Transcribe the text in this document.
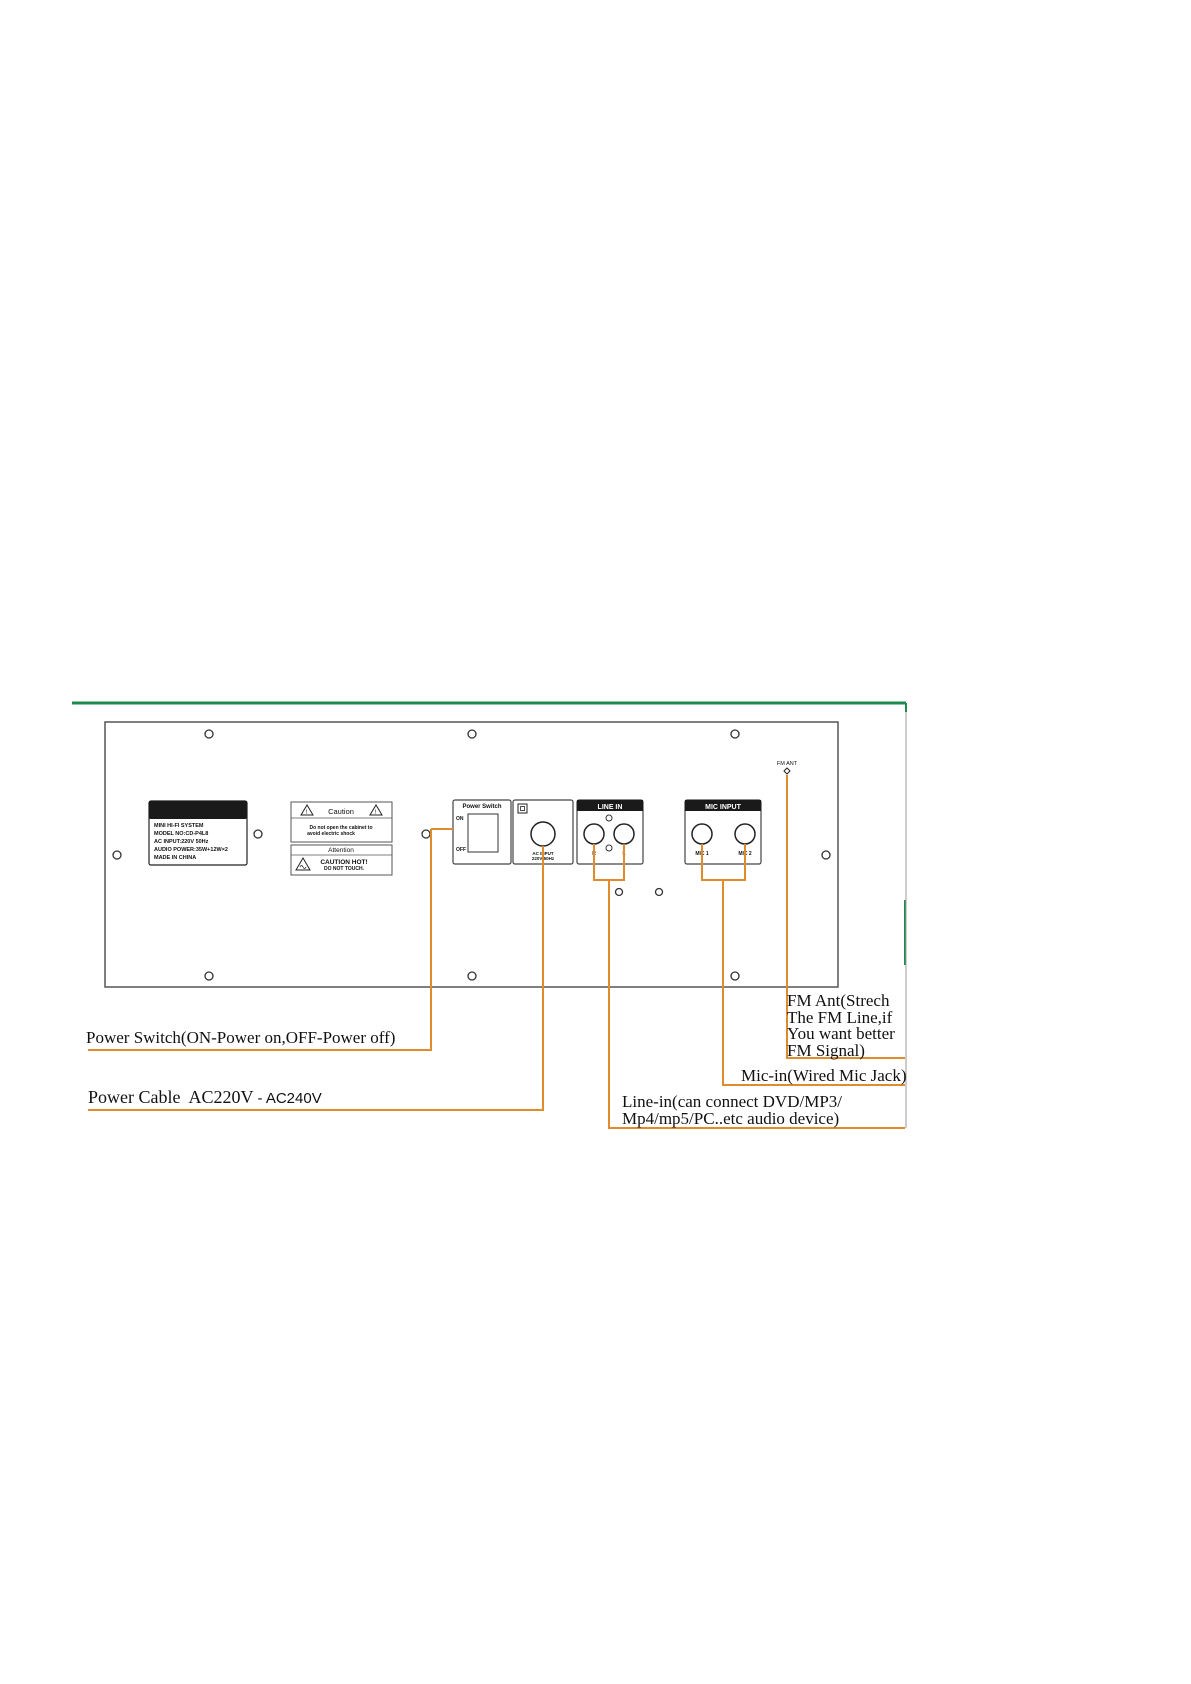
MINI HI-FI SYSTEM
MODEL NO:CD-P4L8
AC INPUT:220V 50Hz
AUDIO POWER:35W+12W×2
MADE IN CHINA
!	!
Caution
Do not open the cabinet to
avoid electric shock
Attention
CAUTION HOT!
DO NOT TOUCH.
Power Switch
ON
OFF
AC INPUT
220V 50Hz
LINE IN
R	L
MIC INPUT
MIC 1	MIC 2
FM ANT
Power Switch(ON-Power on,OFF-Power off)
Power Cable  AC220V - AC240V	Line-in(can connect DVD/MP3/
Mp4/mp5/PC..etc audio device)
Mic-in(Wired Mic Jack)
FM Ant(Strech
The FM Line,if
You want better
FM Signal)
